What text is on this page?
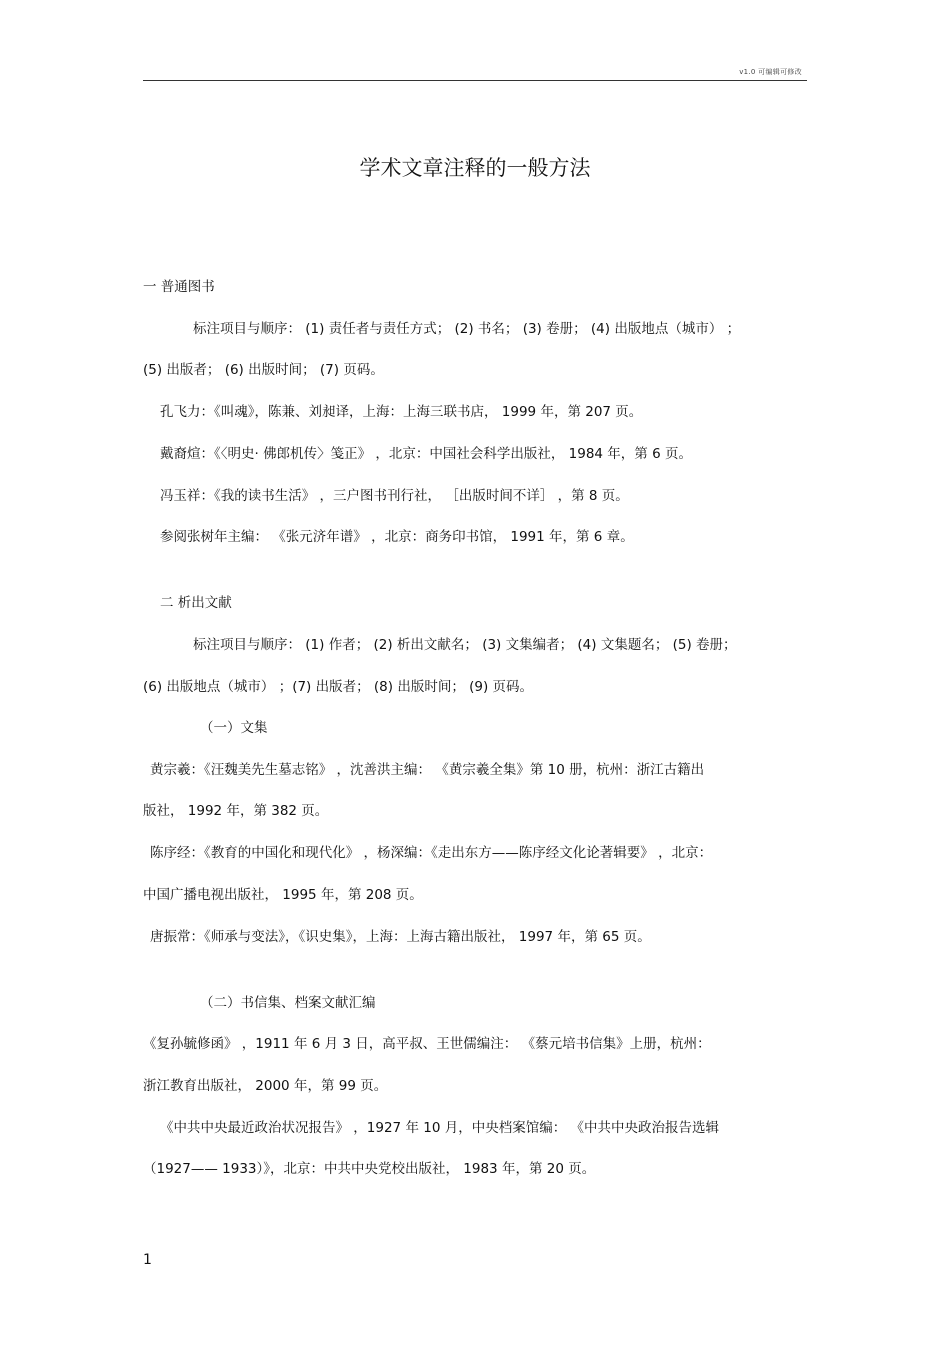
v1.0 可编辑可修改
学术文章注释的一般方法
一 普通图书
标注项目与顺序： (1) 责任者与责任方式； (2) 书名； (3) 卷册； (4) 出版地点（城市） ；
(5) 出版者； (6) 出版时间； (7) 页码。
孔飞力：《叫魂》，陈兼、刘昶译，上海：上海三联书店， 1999 年，第 207 页。
戴裔煊：《〈明史· 佛郎机传〉笺正》 ，北京：中国社会科学出版社， 1984 年，第 6 页。
冯玉祥：《我的读书生活》 ，三户图书刊行社， ［出版时间不详］ ，第 8 页。
参阅张树年主编： 《张元济年谱》 ，北京：商务印书馆， 1991 年，第 6 章。
二 析出文献
标注项目与顺序： (1) 作者； (2) 析出文献名； (3) 文集编者； (4) 文集题名； (5) 卷册；
(6) 出版地点（城市） ；(7) 出版者； (8) 出版时间； (9) 页码。
（一）文集
黄宗羲：《汪魏美先生墓志铭》 ，沈善洪主编： 《黄宗羲全集》第 10 册，杭州：浙江古籍出
版社， 1992 年，第 382 页。
陈序经：《教育的中国化和现代化》 ，杨深编：《走出东方——陈序经文化论著辑要》 ，北京：
中国广播电视出版社， 1995 年，第 208 页。
唐振常：《师承与变法》，《识史集》，上海：上海古籍出版社， 1997 年，第 65 页。
（二）书信集、档案文献汇编
《复孙毓修函》 ，1911 年 6 月 3 日，高平叔、王世儒编注： 《蔡元培书信集》上册，杭州：
浙江教育出版社， 2000 年，第 99 页。
《中共中央最近政治状况报告》 ，1927 年 10 月，中央档案馆编： 《中共中央政治报告选辑
（1927—— 1933）》，北京：中共中央党校出版社， 1983 年，第 20 页。
1
